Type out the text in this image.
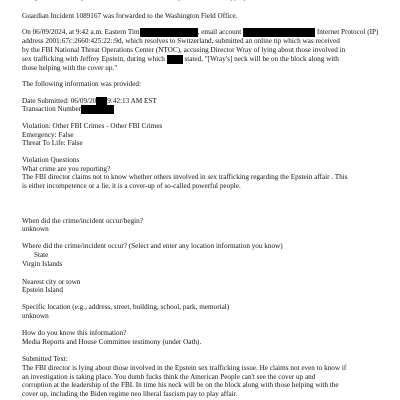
Guardian Incident 1089167 was forwarded to the Washington Field Office.
On 06/09/2024, at 9:42 a.m. Eastern Tim	, email account	Internet Protocol (IP)
address 2001:67c:2660:425:22::9d, which resolves to Switzerland, submitted an online tip which was received
by the FBI National Threat Operations Center (NTOC), accusing Director Wray of lying about those involved in
sex trafficking with Jeffrey Epstein, during which	stated, "[Wray's] neck will be on the block along with
those helping with the cover up."
The following information was provided:
Date Submitted: 06/09/20 9:42:13 AM EST
Transaction Number
Violation: Other FBI Crimes - Other FBI Crimes
Emergency: False
Threat To Life: False
Violation Questions
What crime are you reporting?
The FBI director claims not to know whether others involved in sex trafficking regarding the Epstein affair . This
is either incompetence or a lie, it is a cover-up of so-called powerful people.
When did the crime/incident occur/begin?
unknown
Where did the crime/incident occur? (Select and enter any location information you know)
State
Virgin Islands
Nearest city or town
Epstein Island
Specific location (e.g., address, street, building, school, park, memorial)
unknown
How do you know this information?
Media Reports and House Committee testimony (under Oath).
Submitted Text:
The FBI director is lying about those involved in the Epstein sex trafficking issue. He claims not even to know if
an investigation is taking place. You dumb fucks think the American People can't see the cover up and
corruption at the leadership of the FBI. In time his neck will be on the block along with those helping with the
cover up, including the Biden regime neo liberal fascism pay to play affair.
